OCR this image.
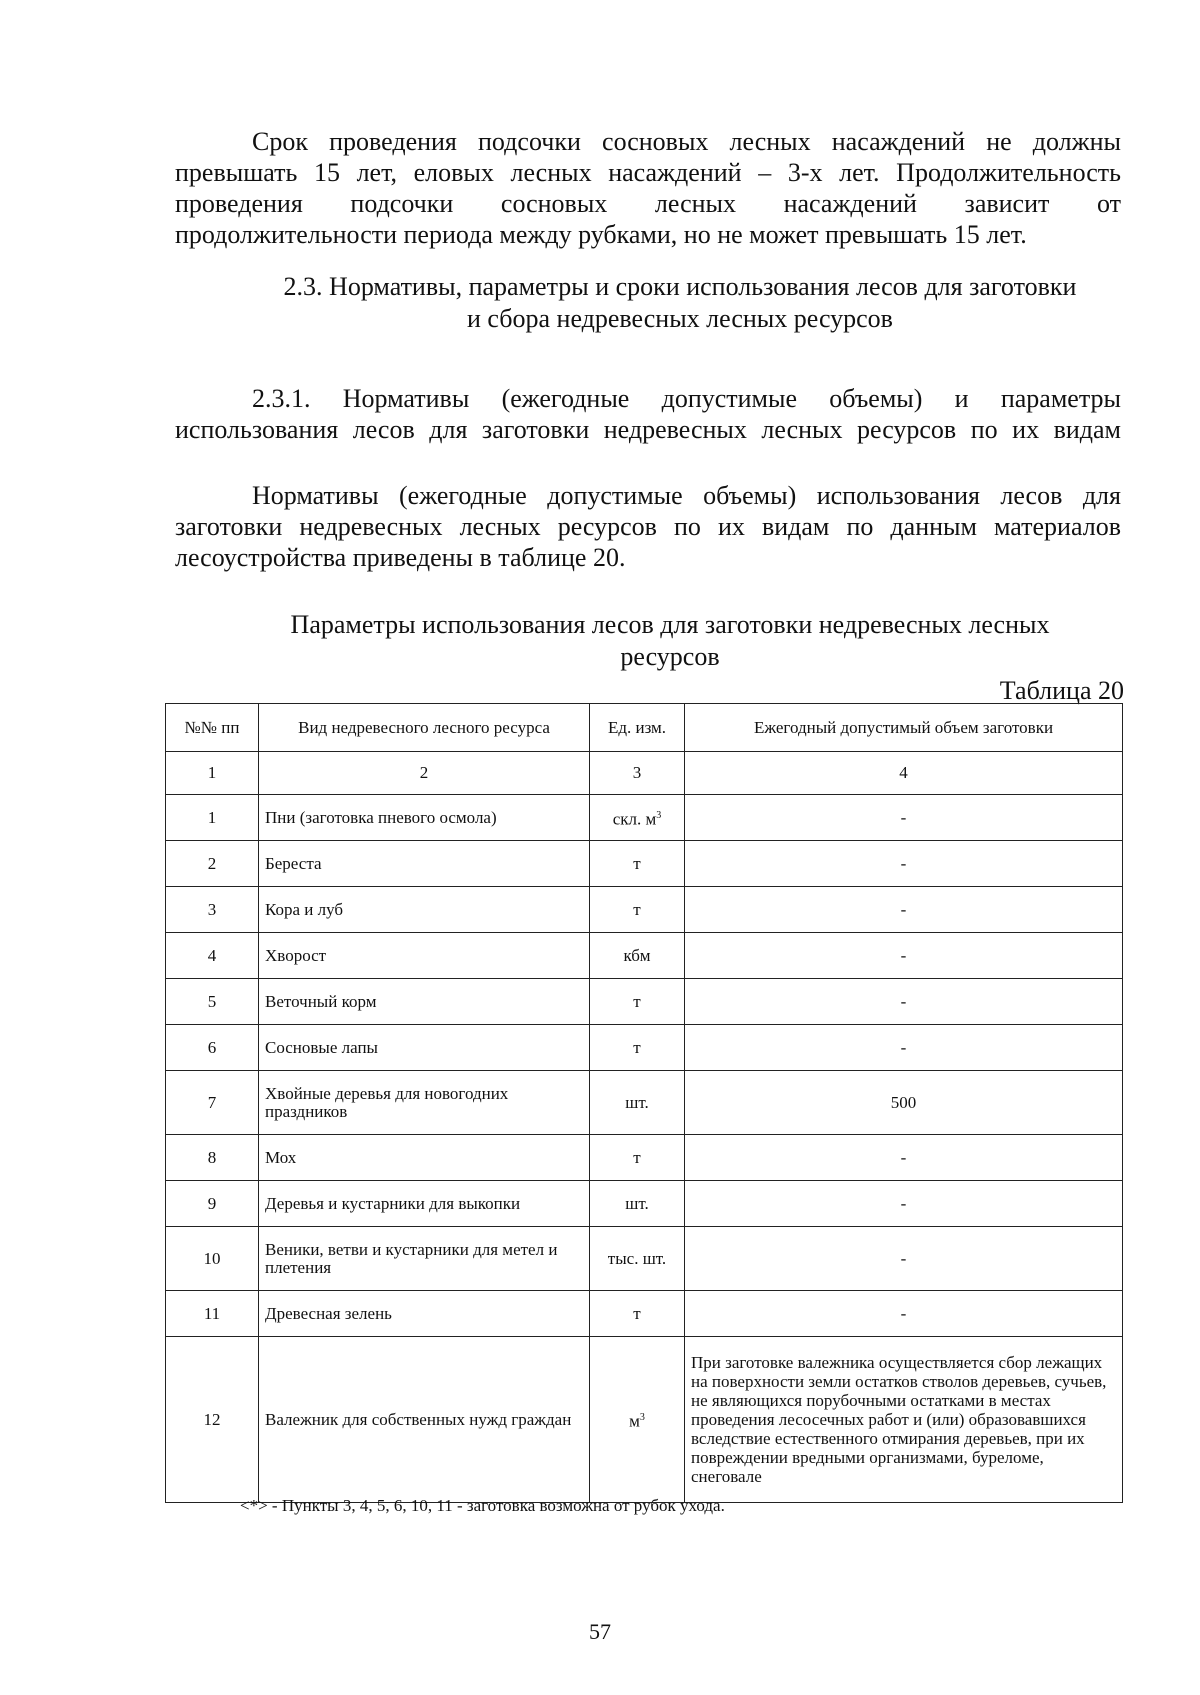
Срок проведения подсочки сосновых лесных насаждений не должны
превышать 15 лет, еловых лесных насаждений – 3-х лет. Продолжительность
проведения подсочки сосновых лесных насаждений зависит от
продолжительности периода между рубками, но не может превышать 15 лет.
2.3. Нормативы, параметры и сроки использования лесов для заготовки
и сбора недревесных лесных ресурсов
2.3.1. Нормативы (ежегодные допустимые объемы) и параметры
использования лесов для заготовки недревесных лесных ресурсов по их видам
Нормативы (ежегодные допустимые объемы) использования лесов для
заготовки недревесных лесных ресурсов по их видам по данным материалов
лесоустройства приведены в таблице 20.
Параметры использования лесов для заготовки недревесных лесных
ресурсов
Таблица 20
№№ пп	Вид недревесного лесного ресурса	Ед. изм.	Ежегодный допустимый объем заготовки
1	2	3	4
1	Пни (заготовка пневого осмола)	скл. $м^3$	-
2	Береста	т	-
3	Кора и луб	т	-
4	Хворост	кбм	-
5	Веточный корм	т	-
6	Сосновые лапы	т	-
7	Хвойные деревья для новогодних праздников	шт.	500
8	Мох	т	-
9	Деревья и кустарники для выкопки	шт.	-
10	Веники, ветви и кустарники для метел и плетения	тыс. шт.	-
11	Древесная зелень	т	-
12	Валежник для собственных нужд граждан	$м^3$	При заготовке валежника осуществляется сбор лежащих на поверхности земли остатков стволов деревьев, сучьев, не являющихся порубочными остатками в местах проведения лесосечных работ и (или) образовавшихся вследствие естественного отмирания деревьев, при их повреждении вредными организмами, буреломе, снеговале
<*> - Пункты 3, 4, 5, 6, 10, 11 - заготовка возможна от рубок ухода.
57
